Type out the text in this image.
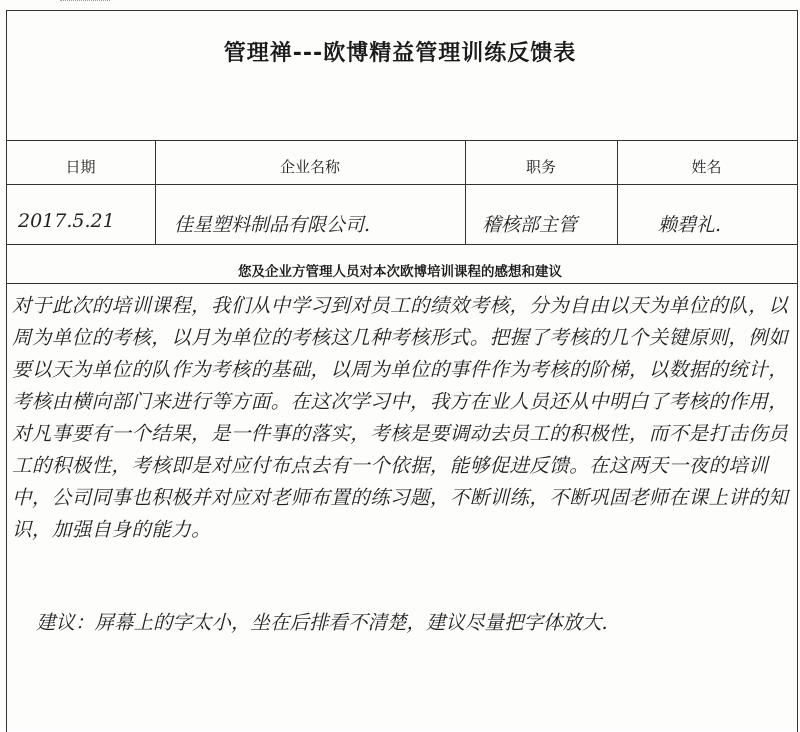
管理禅---欧博精益管理训练反馈表
日期	企业名称	职务	姓名
2017.5.21	佳星塑料制品有限公司.	稽核部主管	赖碧礼.
您及企业方管理人员对本次欧博培训课程的感想和建议

对于此次的培训课程，我们从中学习到对员工的绩效考核，分为自由以天为单位的队，以周为单位的考核，以月为单位的考核这几种考核形式。把握了考核的几个关键原则，例如要以天为单位的队作为考核的基础，以周为单位的事件作为考核的阶梯，以数据的统计，考核由横向部门来进行等方面。在这次学习中，我方在业人员还从中明白了考核的作用，对凡事要有一个结果，是一件事的落实，考核是要调动去员工的积极性，而不是打击伤员工的积极性，考核即是对应付布点去有一个依据，能够促进反馈。在这两天一夜的培训中，公司同事也积极并对应对老师布置的练习题，不断训练，不断巩固老师在课上讲的知识，加强自身的能力。

建议：屏幕上的字太小，坐在后排看不清楚，建议尽量把字体放大.
